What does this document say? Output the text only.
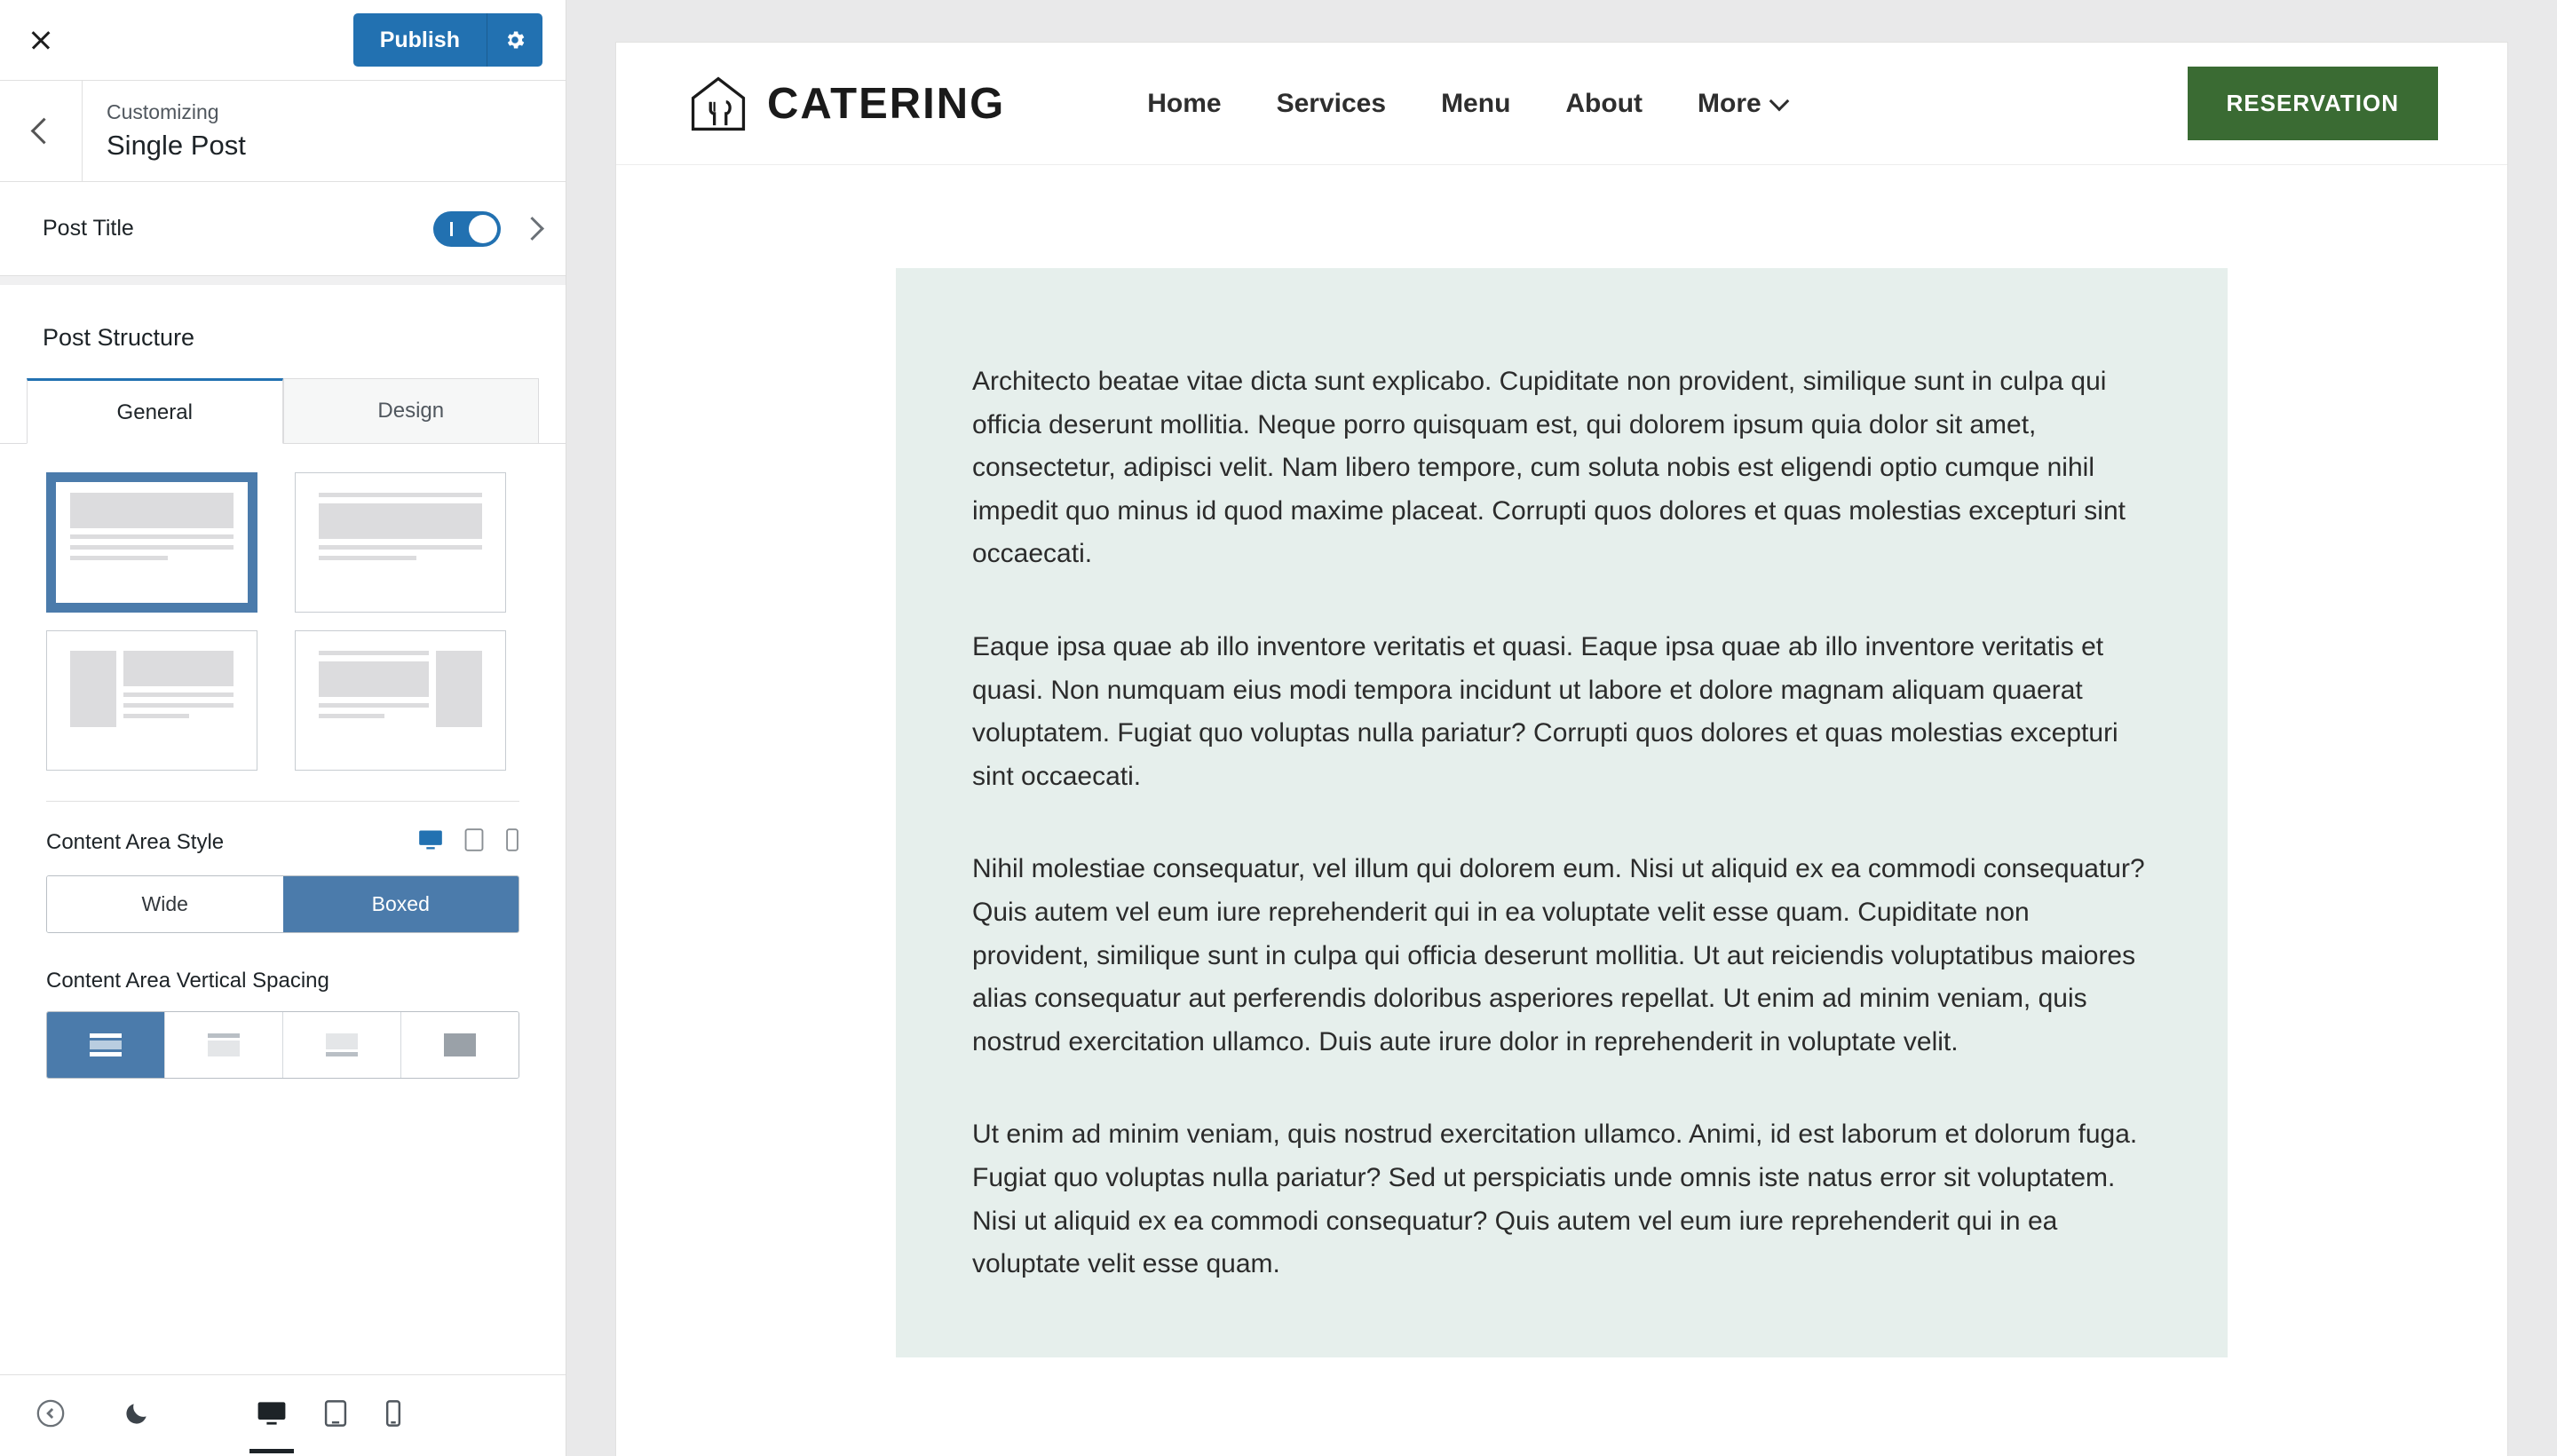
Publish
Customizing
Single Post
Post Title
Post Structure
General	Design
Content Area Style
Wide	Boxed
Content Area Vertical Spacing
CATERING	Home Services Menu About More	RESERVATION

Architecto beatae vitae dicta sunt explicabo. Cupiditate non provident, similique sunt in culpa qui officia deserunt mollitia. Neque porro quisquam est, qui dolorem ipsum quia dolor sit amet, consectetur, adipisci velit. Nam libero tempore, cum soluta nobis est eligendi optio cumque nihil impedit quo minus id quod maxime placeat. Corrupti quos dolores et quas molestias excepturi sint occaecati.

Eaque ipsa quae ab illo inventore veritatis et quasi. Eaque ipsa quae ab illo inventore veritatis et quasi. Non numquam eius modi tempora incidunt ut labore et dolore magnam aliquam quaerat voluptatem. Fugiat quo voluptas nulla pariatur? Corrupti quos dolores et quas molestias excepturi sint occaecati.

Nihil molestiae consequatur, vel illum qui dolorem eum. Nisi ut aliquid ex ea commodi consequatur? Quis autem vel eum iure reprehenderit qui in ea voluptate velit esse quam. Cupiditate non provident, similique sunt in culpa qui officia deserunt mollitia. Ut aut reiciendis voluptatibus maiores alias consequatur aut perferendis doloribus asperiores repellat. Ut enim ad minim veniam, quis nostrud exercitation ullamco. Duis aute irure dolor in reprehenderit in voluptate velit.

Ut enim ad minim veniam, quis nostrud exercitation ullamco. Animi, id est laborum et dolorum fuga. Fugiat quo voluptas nulla pariatur? Sed ut perspiciatis unde omnis iste natus error sit voluptatem. Nisi ut aliquid ex ea commodi consequatur? Quis autem vel eum iure reprehenderit qui in ea voluptate velit esse quam.
